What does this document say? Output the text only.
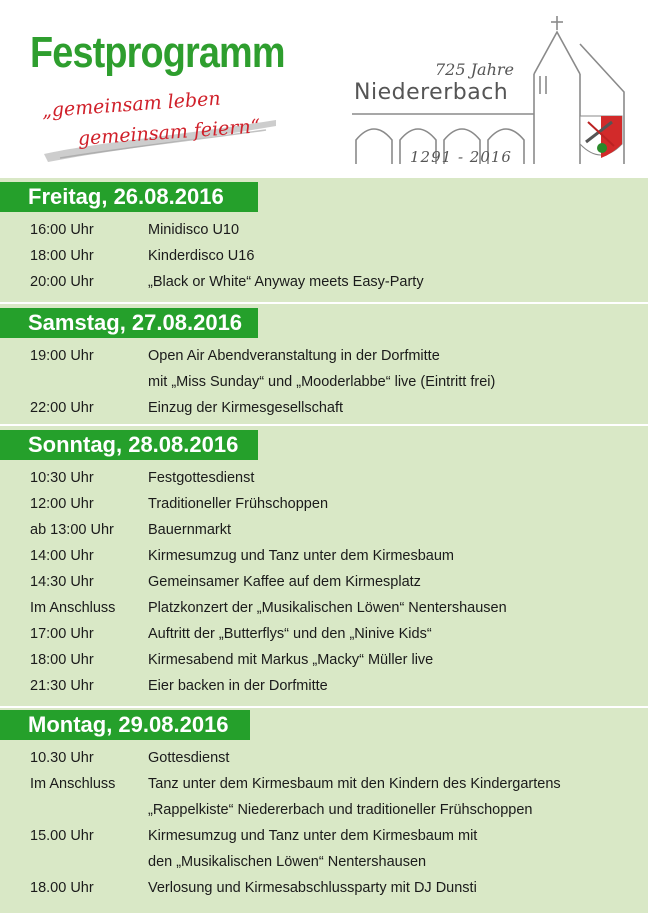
Festprogramm
„gemeinsam leben
gemeinsam feiern“
725 Jahre
Niedererbach
1291 - 2016
Freitag, 26.08.2016
16:00 Uhr	Minidisco U10
18:00 Uhr	Kinderdisco U16
20:00 Uhr	„Black or White“ Anyway meets Easy-Party
Samstag, 27.08.2016
19:00 Uhr	Open Air Abendveranstaltung in der Dorfmitte
mit „Miss Sunday“ und „Mooderlabbe“ live (Eintritt frei)
22:00 Uhr	Einzug der Kirmesgesellschaft
Sonntag, 28.08.2016
10:30 Uhr	Festgottesdienst
12:00 Uhr	Traditioneller Frühschoppen
ab 13:00 Uhr Bauernmarkt
14:00 Uhr	Kirmesumzug und Tanz unter dem Kirmesbaum
14:30 Uhr	Gemeinsamer Kaffee auf dem Kirmesplatz
Im Anschluss Platzkonzert der „Musikalischen Löwen“ Nentershausen
17:00 Uhr	Auftritt der „Butterflys“ und den „Ninive Kids“
18:00 Uhr	Kirmesabend mit Markus „Macky“ Müller live
21:30 Uhr	Eier backen in der Dorfmitte
Montag, 29.08.2016
10.30 Uhr	Gottesdienst
Im Anschluss Tanz unter dem Kirmesbaum mit den Kindern des Kindergartens
„Rappelkiste“ Niedererbach und traditioneller Frühschoppen
15.00 Uhr	Kirmesumzug und Tanz unter dem Kirmesbaum mit
den „Musikalischen Löwen“ Nentershausen
18.00 Uhr	Verlosung und Kirmesabschlussparty mit DJ Dunsti
